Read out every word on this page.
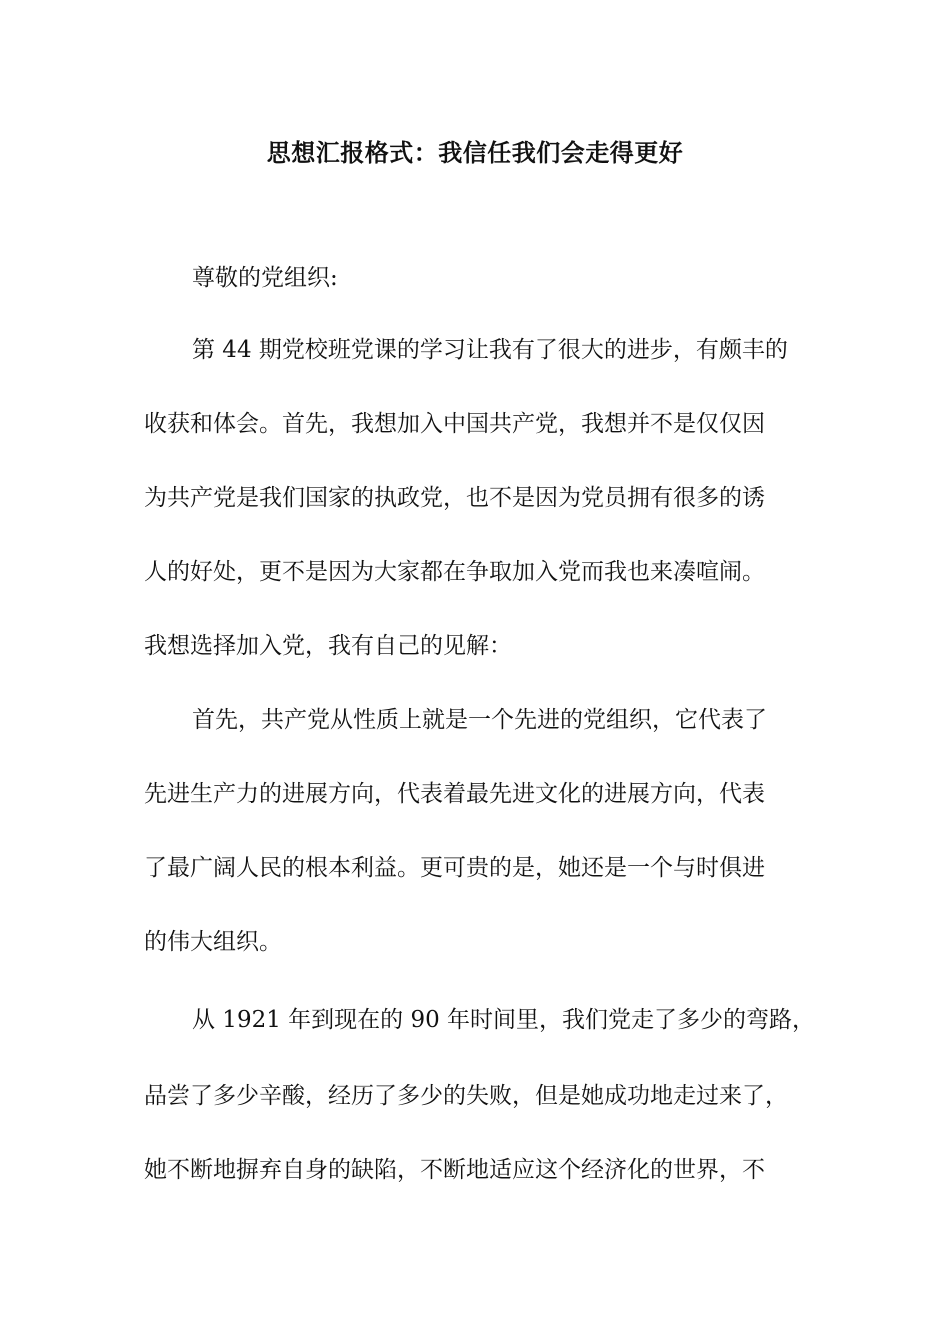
思想汇报格式：我信任我们会走得更好
尊敬的党组织:
第 44 期党校班党课的学习让我有了很大的进步，有颇丰的
收获和体会。首先，我想加入中国共产党，我想并不是仅仅因
为共产党是我们国家的执政党，也不是因为党员拥有很多的诱
人的好处，更不是因为大家都在争取加入党而我也来凑喧闹。
我想选择加入党，我有自己的见解：
首先，共产党从性质上就是一个先进的党组织，它代表了
先进生产力的进展方向，代表着最先进文化的进展方向，代表
了最广阔人民的根本利益。更可贵的是，她还是一个与时俱进
的伟大组织。
从 1921 年到现在的 90 年时间里，我们党走了多少的弯路，
品尝了多少辛酸，经历了多少的失败，但是她成功地走过来了，
她不断地摒弃自身的缺陷，不断地适应这个经济化的世界，不
